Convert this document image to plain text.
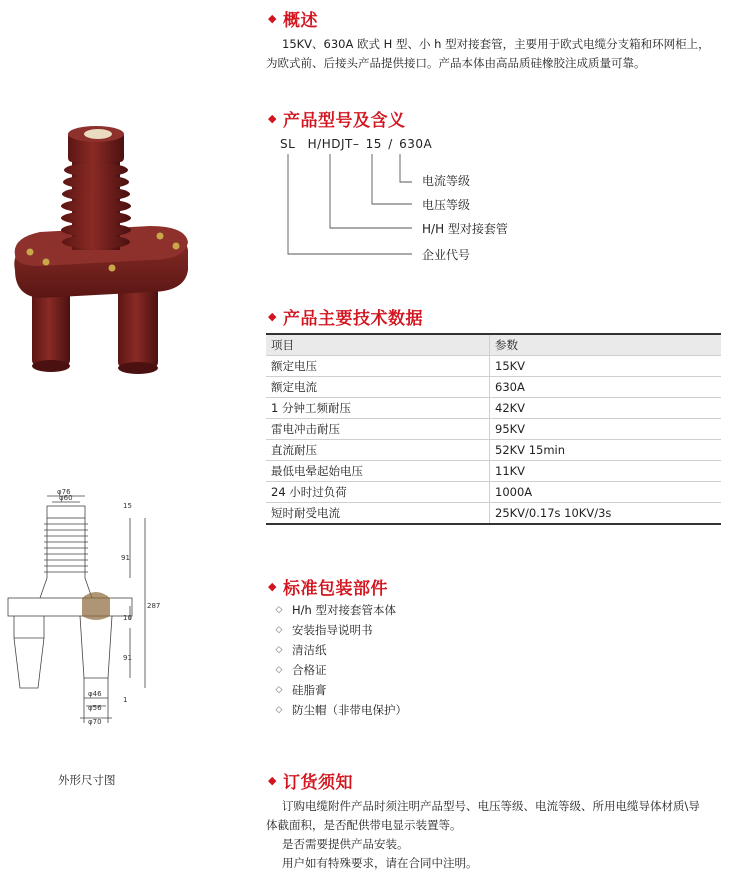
φ76
φ60
15
91
287
10
91
1
φ46
φ56
φ70
外形尺寸图
◆ 概述
15KV、630A 欧式 H 型、小 h 型对接套管，主要用于欧式电缆分支箱和环网柜上，
为欧式前、后接头产品提供接口。产品本体由高品质硅橡胶注成质量可靠。
◆ 产品型号及含义
SL H/HDJT– 15 / 630A
电流等级
电压等级
H/H 型对接套管
企业代号
◆ 产品主要技术数据
项目	参数
额定电压	15KV
额定电流	630A
1 分钟工频耐压	42KV
雷电冲击耐压	95KV
直流耐压	52KV 15min
最低电晕起始电压	11KV
24 小时过负荷	1000A
短时耐受电流	25KV/0.17s 10KV/3s
◆ 标准包装部件
◇ H/h 型对接套管本体
◇ 安装指导说明书
◇ 清洁纸
◇ 合格证
◇ 硅脂膏
◇ 防尘帽（非带电保护）
◆ 订货须知
订购电缆附件产品时须注明产品型号、电压等级、电流等级、所用电缆导体材质\导
体截面积，是否配供带电显示装置等。
是否需要提供产品安装。
用户如有特殊要求，请在合同中注明。
